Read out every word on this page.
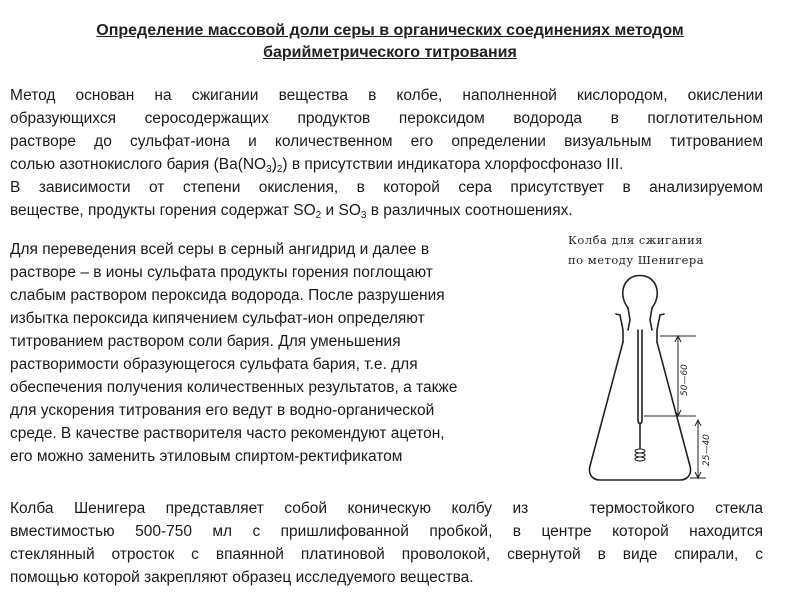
Определение массовой доли серы в органических соединениях методом
барийметрического титрования
Метод основан на сжигании вещества в колбе, наполненной кислородом, окислении
образующихся серосодержащих продуктов пероксидом водорода в поглотительном
растворе до сульфат-иона и количественном его определении визуальным титрованием
солью азотнокислого бария $(Ba(NO_3)_2)$ в присутствии индикатора хлорфосфоназо III.
В зависимости от степени окисления, в которой сера присутствует в анализируемом
веществе, продукты горения содержат $SO_2$ и $SO_3$ в различных соотношениях.
Для переведения всей серы в серный ангидрид и далее в
растворе – в ионы сульфата продукты горения поглощают
слабым раствором пероксида водорода. После разрушения
избытка пероксида кипячением сульфат-ион определяют
титрованием раствором соли бария. Для уменьшения
растворимости образующегося сульфата бария, т.е. для
обеспечения получения количественных результатов, а также
для ускорения титрования его ведут в водно-органической
среде. В качестве растворителя часто рекомендуют ацетон,
его можно заменить этиловым спиртом-ректификатом
Колба для сжигания
по методу Шенигера
50—60
25—40
Колба Шенигера представляет собой коническую колбу из   термостойкого стекла
вместимостью 500-750 мл с пришлифованной пробкой, в центре которой находится
стеклянный отросток с впаянной платиновой проволокой, свернутой в виде спирали, с
помощью которой закрепляют образец исследуемого вещества.
